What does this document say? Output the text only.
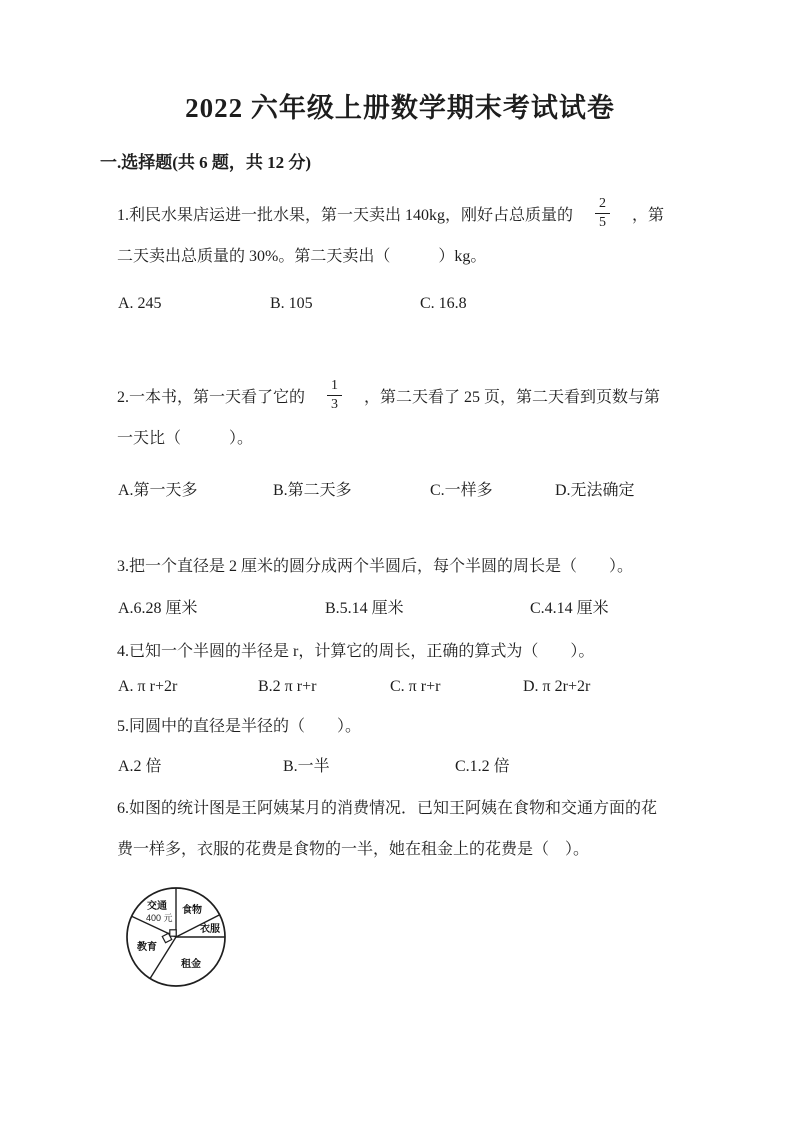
2022 六年级上册数学期末考试试卷
一.选择题(共 6 题，共 12 分)
1.利民水果店运进一批水果，第一天卖出 140kg，刚好占总质量的 $\frac{2}{5}$ ，第
二天卖出总质量的 30%。第二天卖出（　　　）kg。
A. 245	B. 105	C. 16.8
2.一本书，第一天看了它的 $\frac{1}{3}$ ，第二天看了 25 页，第二天看到页数与第
一天比（　　　）。
A.第一天多	B.第二天多	C.一样多	D.无法确定
3.把一个直径是 2 厘米的圆分成两个半圆后，每个半圆的周长是（　　）。
A.6.28 厘米	B.5.14 厘米	C.4.14 厘米
4.已知一个半圆的半径是 r，计算它的周长，正确的算式为（　　）。
A. π r+2r	B.2 π r+r	C. π r+r	D. π 2r+2r
5.同圆中的直径是半径的（　　）。
A.2 倍	B.一半	C.1.2 倍
6.如图的统计图是王阿姨某月的消费情况．已知王阿姨在食物和交通方面的花
费一样多，衣服的花费是食物的一半，她在租金上的花费是（　）。
交通
400 元
食物
衣服
教育
租金
